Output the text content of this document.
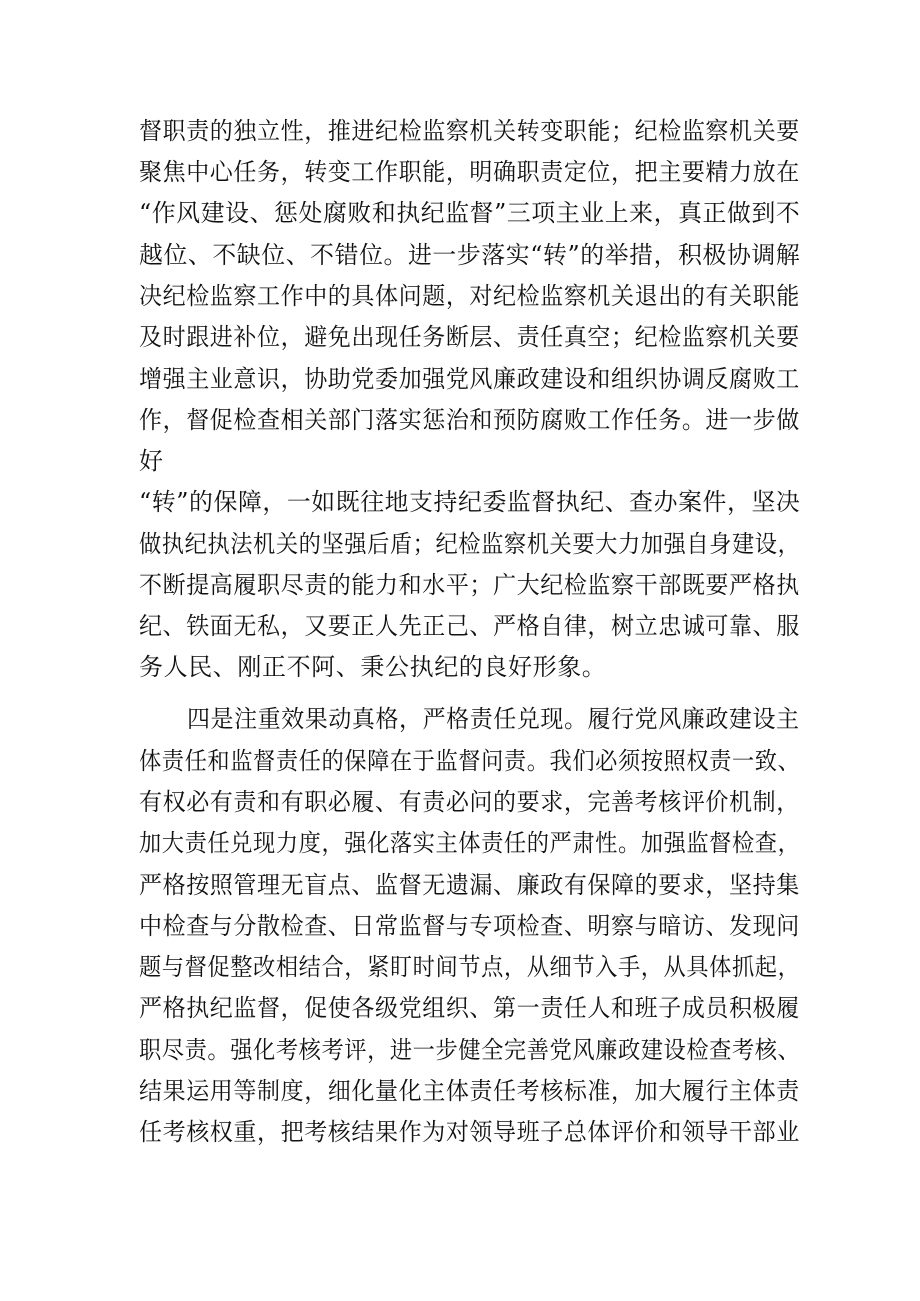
督职责的独立性，推进纪检监察机关转变职能；纪检监察机关要
聚焦中心任务，转变工作职能，明确职责定位，把主要精力放在
“作风建设、惩处腐败和执纪监督”三项主业上来，真正做到不
越位、不缺位、不错位。进一步落实“转”的举措，积极协调解
决纪检监察工作中的具体问题，对纪检监察机关退出的有关职能
及时跟进补位，避免出现任务断层、责任真空；纪检监察机关要
增强主业意识，协助党委加强党风廉政建设和组织协调反腐败工
作，督促检查相关部门落实惩治和预防腐败工作任务。进一步做
好
“转”的保障，一如既往地支持纪委监督执纪、查办案件，坚决
做执纪执法机关的坚强后盾；纪检监察机关要大力加强自身建设，
不断提高履职尽责的能力和水平；广大纪检监察干部既要严格执
纪、铁面无私，又要正人先正己、严格自律，树立忠诚可靠、服
务人民、刚正不阿、秉公执纪的良好形象。
四是注重效果动真格，严格责任兑现。履行党风廉政建设主
体责任和监督责任的保障在于监督问责。我们必须按照权责一致、
有权必有责和有职必履、有责必问的要求，完善考核评价机制，
加大责任兑现力度，强化落实主体责任的严肃性。加强监督检查，
严格按照管理无盲点、监督无遗漏、廉政有保障的要求，坚持集
中检查与分散检查、日常监督与专项检查、明察与暗访、发现问
题与督促整改相结合，紧盯时间节点，从细节入手，从具体抓起，
严格执纪监督，促使各级党组织、第一责任人和班子成员积极履
职尽责。强化考核考评，进一步健全完善党风廉政建设检查考核、
结果运用等制度，细化量化主体责任考核标准，加大履行主体责
任考核权重，把考核结果作为对领导班子总体评价和领导干部业
